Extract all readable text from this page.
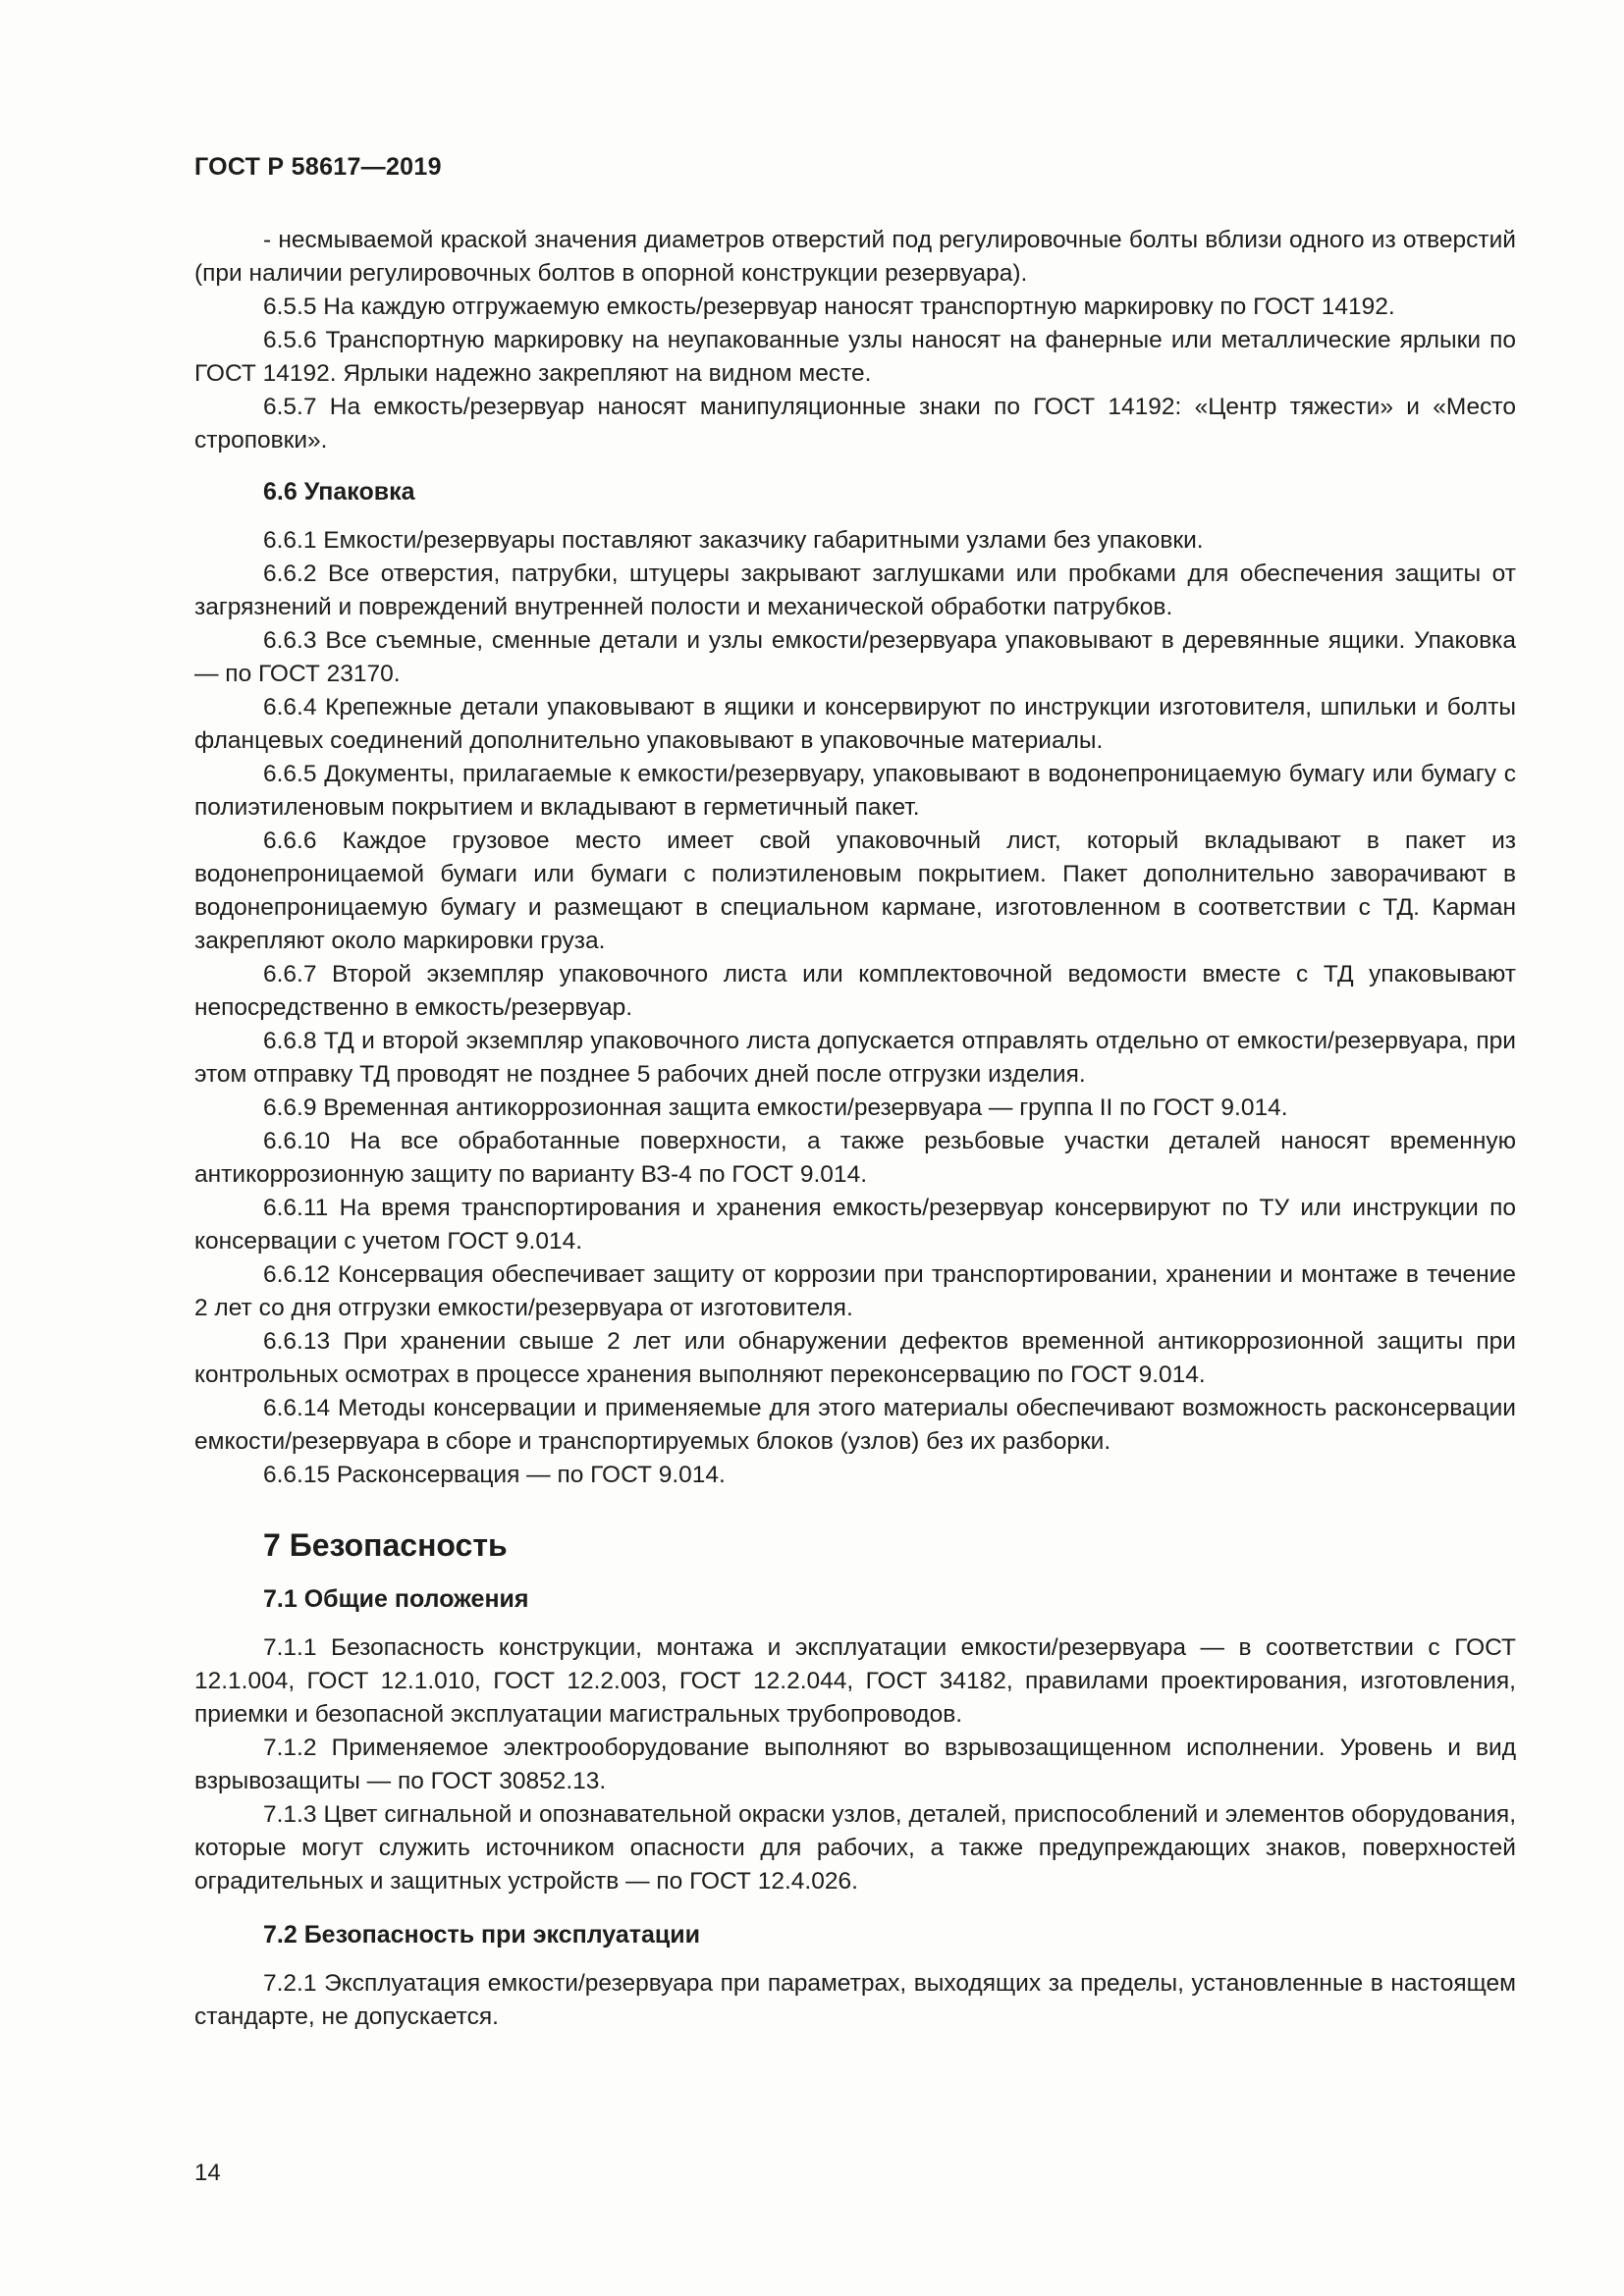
ГОСТ Р 58617—2019

- несмываемой краской значения диаметров отверстий под регулировочные болты вблизи одного из отверстий (при наличии регулировочных болтов в опорной конструкции резервуара).

6.5.5 На каждую отгружаемую емкость/резервуар наносят транспортную маркировку по ГОСТ 14192.

6.5.6 Транспортную маркировку на неупакованные узлы наносят на фанерные или металлические ярлыки по ГОСТ 14192. Ярлыки надежно закрепляют на видном месте.

6.5.7 На емкость/резервуар наносят манипуляционные знаки по ГОСТ 14192: «Центр тяжести» и «Место строповки».

6.6 Упаковка

6.6.1 Емкости/резервуары поставляют заказчику габаритными узлами без упаковки.

6.6.2 Все отверстия, патрубки, штуцеры закрывают заглушками или пробками для обеспечения защиты от загрязнений и повреждений внутренней полости и механической обработки патрубков.

6.6.3 Все съемные, сменные детали и узлы емкости/резервуара упаковывают в деревянные ящики. Упаковка — по ГОСТ 23170.

6.6.4 Крепежные детали упаковывают в ящики и консервируют по инструкции изготовителя, шпильки и болты фланцевых соединений дополнительно упаковывают в упаковочные материалы.

6.6.5 Документы, прилагаемые к емкости/резервуару, упаковывают в водонепроницаемую бумагу или бумагу с полиэтиленовым покрытием и вкладывают в герметичный пакет.

6.6.6 Каждое грузовое место имеет свой упаковочный лист, который вкладывают в пакет из водонепроницаемой бумаги или бумаги с полиэтиленовым покрытием. Пакет дополнительно заворачивают в водонепроницаемую бумагу и размещают в специальном кармане, изготовленном в соответствии с ТД. Карман закрепляют около маркировки груза.

6.6.7 Второй экземпляр упаковочного листа или комплектовочной ведомости вместе с ТД упаковывают непосредственно в емкость/резервуар.

6.6.8 ТД и второй экземпляр упаковочного листа допускается отправлять отдельно от емкости/резервуара, при этом отправку ТД проводят не позднее 5 рабочих дней после отгрузки изделия.

6.6.9 Временная антикоррозионная защита емкости/резервуара — группа II по ГОСТ 9.014.

6.6.10 На все обработанные поверхности, а также резьбовые участки деталей наносят временную антикоррозионную защиту по варианту ВЗ-4 по ГОСТ 9.014.

6.6.11 На время транспортирования и хранения емкость/резервуар консервируют по ТУ или инструкции по консервации с учетом ГОСТ 9.014.

6.6.12 Консервация обеспечивает защиту от коррозии при транспортировании, хранении и монтаже в течение 2 лет со дня отгрузки емкости/резервуара от изготовителя.

6.6.13 При хранении свыше 2 лет или обнаружении дефектов временной антикоррозионной защиты при контрольных осмотрах в процессе хранения выполняют переконсервацию по ГОСТ 9.014.

6.6.14 Методы консервации и применяемые для этого материалы обеспечивают возможность расконсервации емкости/резервуара в сборе и транспортируемых блоков (узлов) без их разборки.

6.6.15 Расконсервация — по ГОСТ 9.014.

7 Безопасность
7.1 Общие положения

7.1.1 Безопасность конструкции, монтажа и эксплуатации емкости/резервуара — в соответствии с ГОСТ 12.1.004, ГОСТ 12.1.010, ГОСТ 12.2.003, ГОСТ 12.2.044, ГОСТ 34182, правилами проектирования, изготовления, приемки и безопасной эксплуатации магистральных трубопроводов.

7.1.2 Применяемое электрооборудование выполняют во взрывозащищенном исполнении. Уровень и вид взрывозащиты — по ГОСТ 30852.13.

7.1.3 Цвет сигнальной и опознавательной окраски узлов, деталей, приспособлений и элементов оборудования, которые могут служить источником опасности для рабочих, а также предупреждающих знаков, поверхностей оградительных и защитных устройств — по ГОСТ 12.4.026.

7.2 Безопасность при эксплуатации

7.2.1 Эксплуатация емкости/резервуара при параметрах, выходящих за пределы, установленные в настоящем стандарте, не допускается.

14
